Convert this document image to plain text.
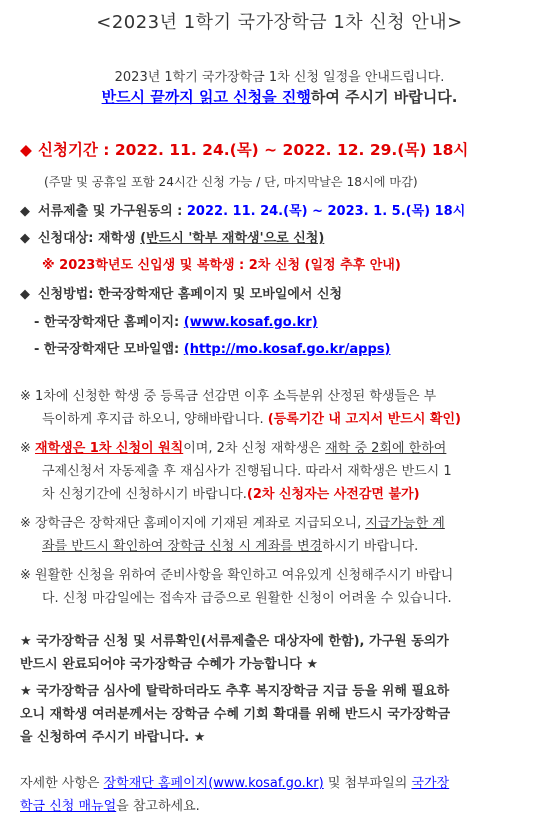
<2023년 1학기 국가장학금 1차 신청 안내>
2023년 1학기 국가장학금 1차 신청 일정을 안내드립니다.
반드시 끝까지 읽고 신청을 진행하여 주시기 바랍니다.
◆ 신청기간 : 2022. 11. 24.(목) ~ 2022. 12. 29.(목) 18시
(주말 및 공휴일 포함 24시간 신청 가능 / 단, 마지막날은 18시에 마감)
◆ 서류제출 및 가구원동의 : 2022. 11. 24.(목) ~ 2023. 1. 5.(목) 18시
◆ 신청대상: 재학생 (반드시 '학부 재학생'으로 신청)
※ 2023학년도 신입생 및 복학생 : 2차 신청 (일정 추후 안내)
◆ 신청방법: 한국장학재단 홈페이지 및 모바일에서 신청
- 한국장학재단 홈페이지: (www.kosaf.go.kr)
- 한국장학재단 모바일앱: (http://mo.kosaf.go.kr/apps)
※ 1차에 신청한 학생 중 등록금 선감면 이후 소득분위 산정된 학생들은 부
득이하게 후지급 하오니, 양해바랍니다. (등록기간 내 고지서 반드시 확인)
※ 재학생은 1차 신청이 원칙이며, 2차 신청 재학생은 재학 중 2회에 한하여
구제신청서 자동제출 후 재심사가 진행됩니다. 따라서 재학생은 반드시 1
차 신청기간에 신청하시기 바랍니다.(2차 신청자는 사전감면 불가)
※ 장학금은 장학재단 홈페이지에 기재된 계좌로 지급되오니, 지급가능한 계
좌를 반드시 확인하여 장학금 신청 시 계좌를 변경하시기 바랍니다.
※ 원활한 신청을 위하여 준비사항을 확인하고 여유있게 신청해주시기 바랍니
다. 신청 마감일에는 접속자 급증으로 원활한 신청이 어려울 수 있습니다.
★ 국가장학금 신청 및 서류확인(서류제출은 대상자에 한함), 가구원 동의가
반드시 완료되어야 국가장학금 수혜가 가능합니다 ★
★ 국가장학금 심사에 탈락하더라도 추후 복지장학금 지급 등을 위해 필요하
오니 재학생 여러분께서는 장학금 수혜 기회 확대를 위해 반드시 국가장학금
을 신청하여 주시기 바랍니다. ★
자세한 사항은 장학재단 홈페이지(www.kosaf.go.kr) 및 첨부파일의 국가장
학금 신청 매뉴얼을 참고하세요.
